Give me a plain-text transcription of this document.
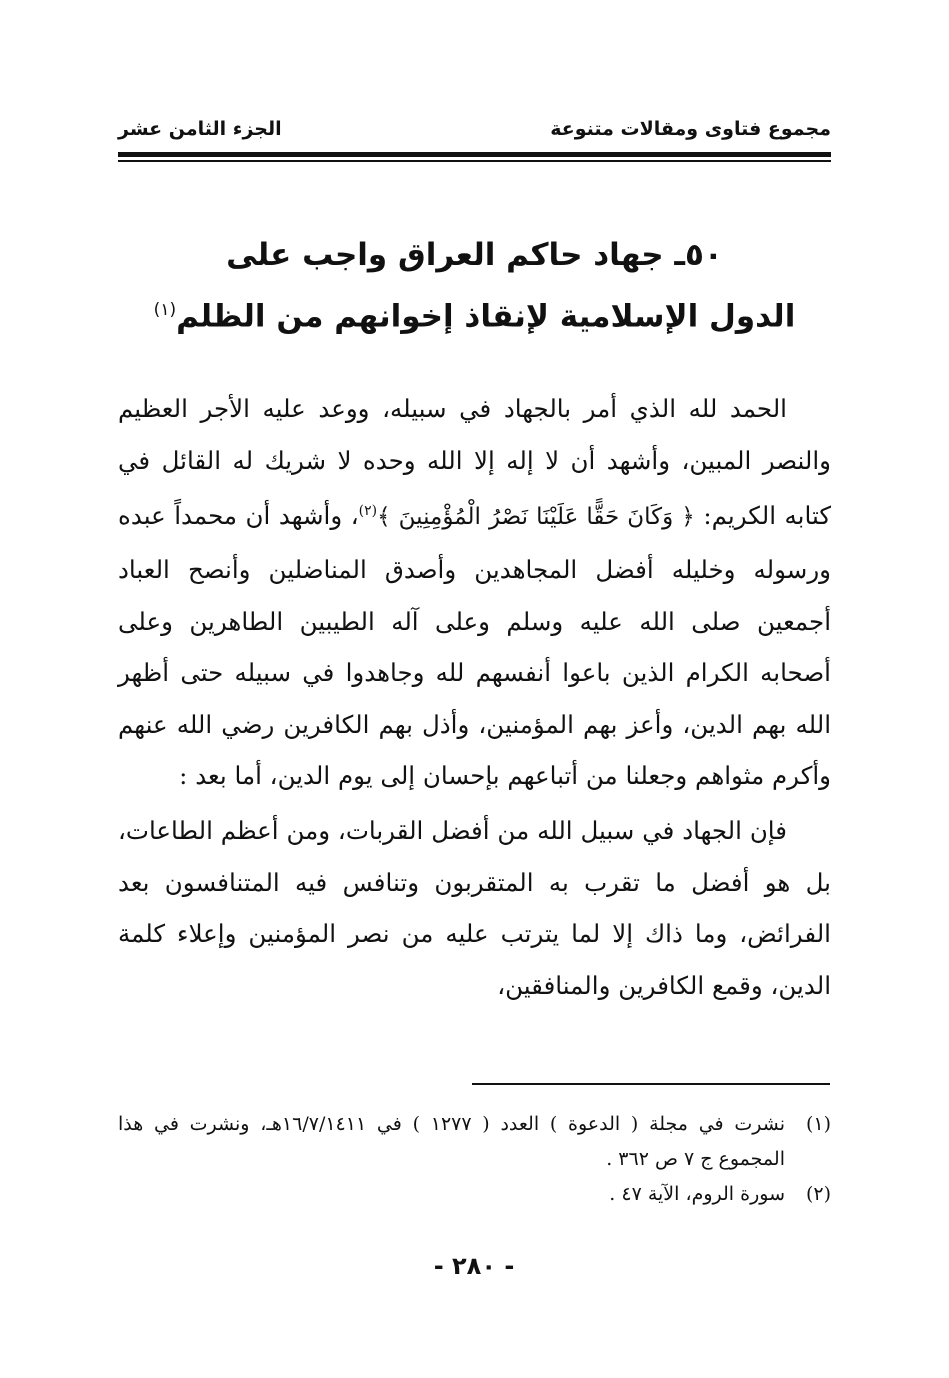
مجموع فتاوى ومقالات متنوعة
الجزء الثامن عشر
٥٠ـ جهاد حاكم العراق واجب على
الدول الإسلامية لإنقاذ إخوانهم من الظلم$^{(١)}$

الحمد لله الذي أمر بالجهاد في سبيله، ووعد عليه الأجر العظيم والنصر المبين، وأشهد أن لا إله إلا الله وحده لا شريك له القائل في كتابه الكريم: ﴿ وَكَانَ حَقًّا عَلَيْنَا نَصْرُ الْمُؤْمِنِينَ ﴾$^{(٢)}$، وأشهد أن محمداً عبده ورسوله وخليله أفضل المجاهدين وأصدق المناضلين وأنصح العباد أجمعين صلى الله عليه وسلم وعلى آله الطيبين الطاهرين وعلى أصحابه الكرام الذين باعوا أنفسهم لله وجاهدوا في سبيله حتى أظهر الله بهم الدين، وأعز بهم المؤمنين، وأذل بهم الكافرين رضي الله عنهم وأكرم مثواهم وجعلنا من أتباعهم بإحسان إلى يوم الدين، أما بعد :

فإن الجهاد في سبيل الله من أفضل القربات، ومن أعظم الطاعات، بل هو أفضل ما تقرب به المتقربون وتنافس فيه المتنافسون بعد الفرائض، وما ذاك إلا لما يترتب عليه من نصر المؤمنين وإعلاء كلمة الدين، وقمع الكافرين والمنافقين،

(١)
نشرت في مجلة ( الدعوة ) العدد ( ١٢٧٧ ) في ١٦/٧/١٤١١هـ، ونشرت في هذا المجموع ج ٧ ص ٣٦٢ .
(٢)
سورة الروم، الآية ٤٧ .
- ٢٨٠ -
